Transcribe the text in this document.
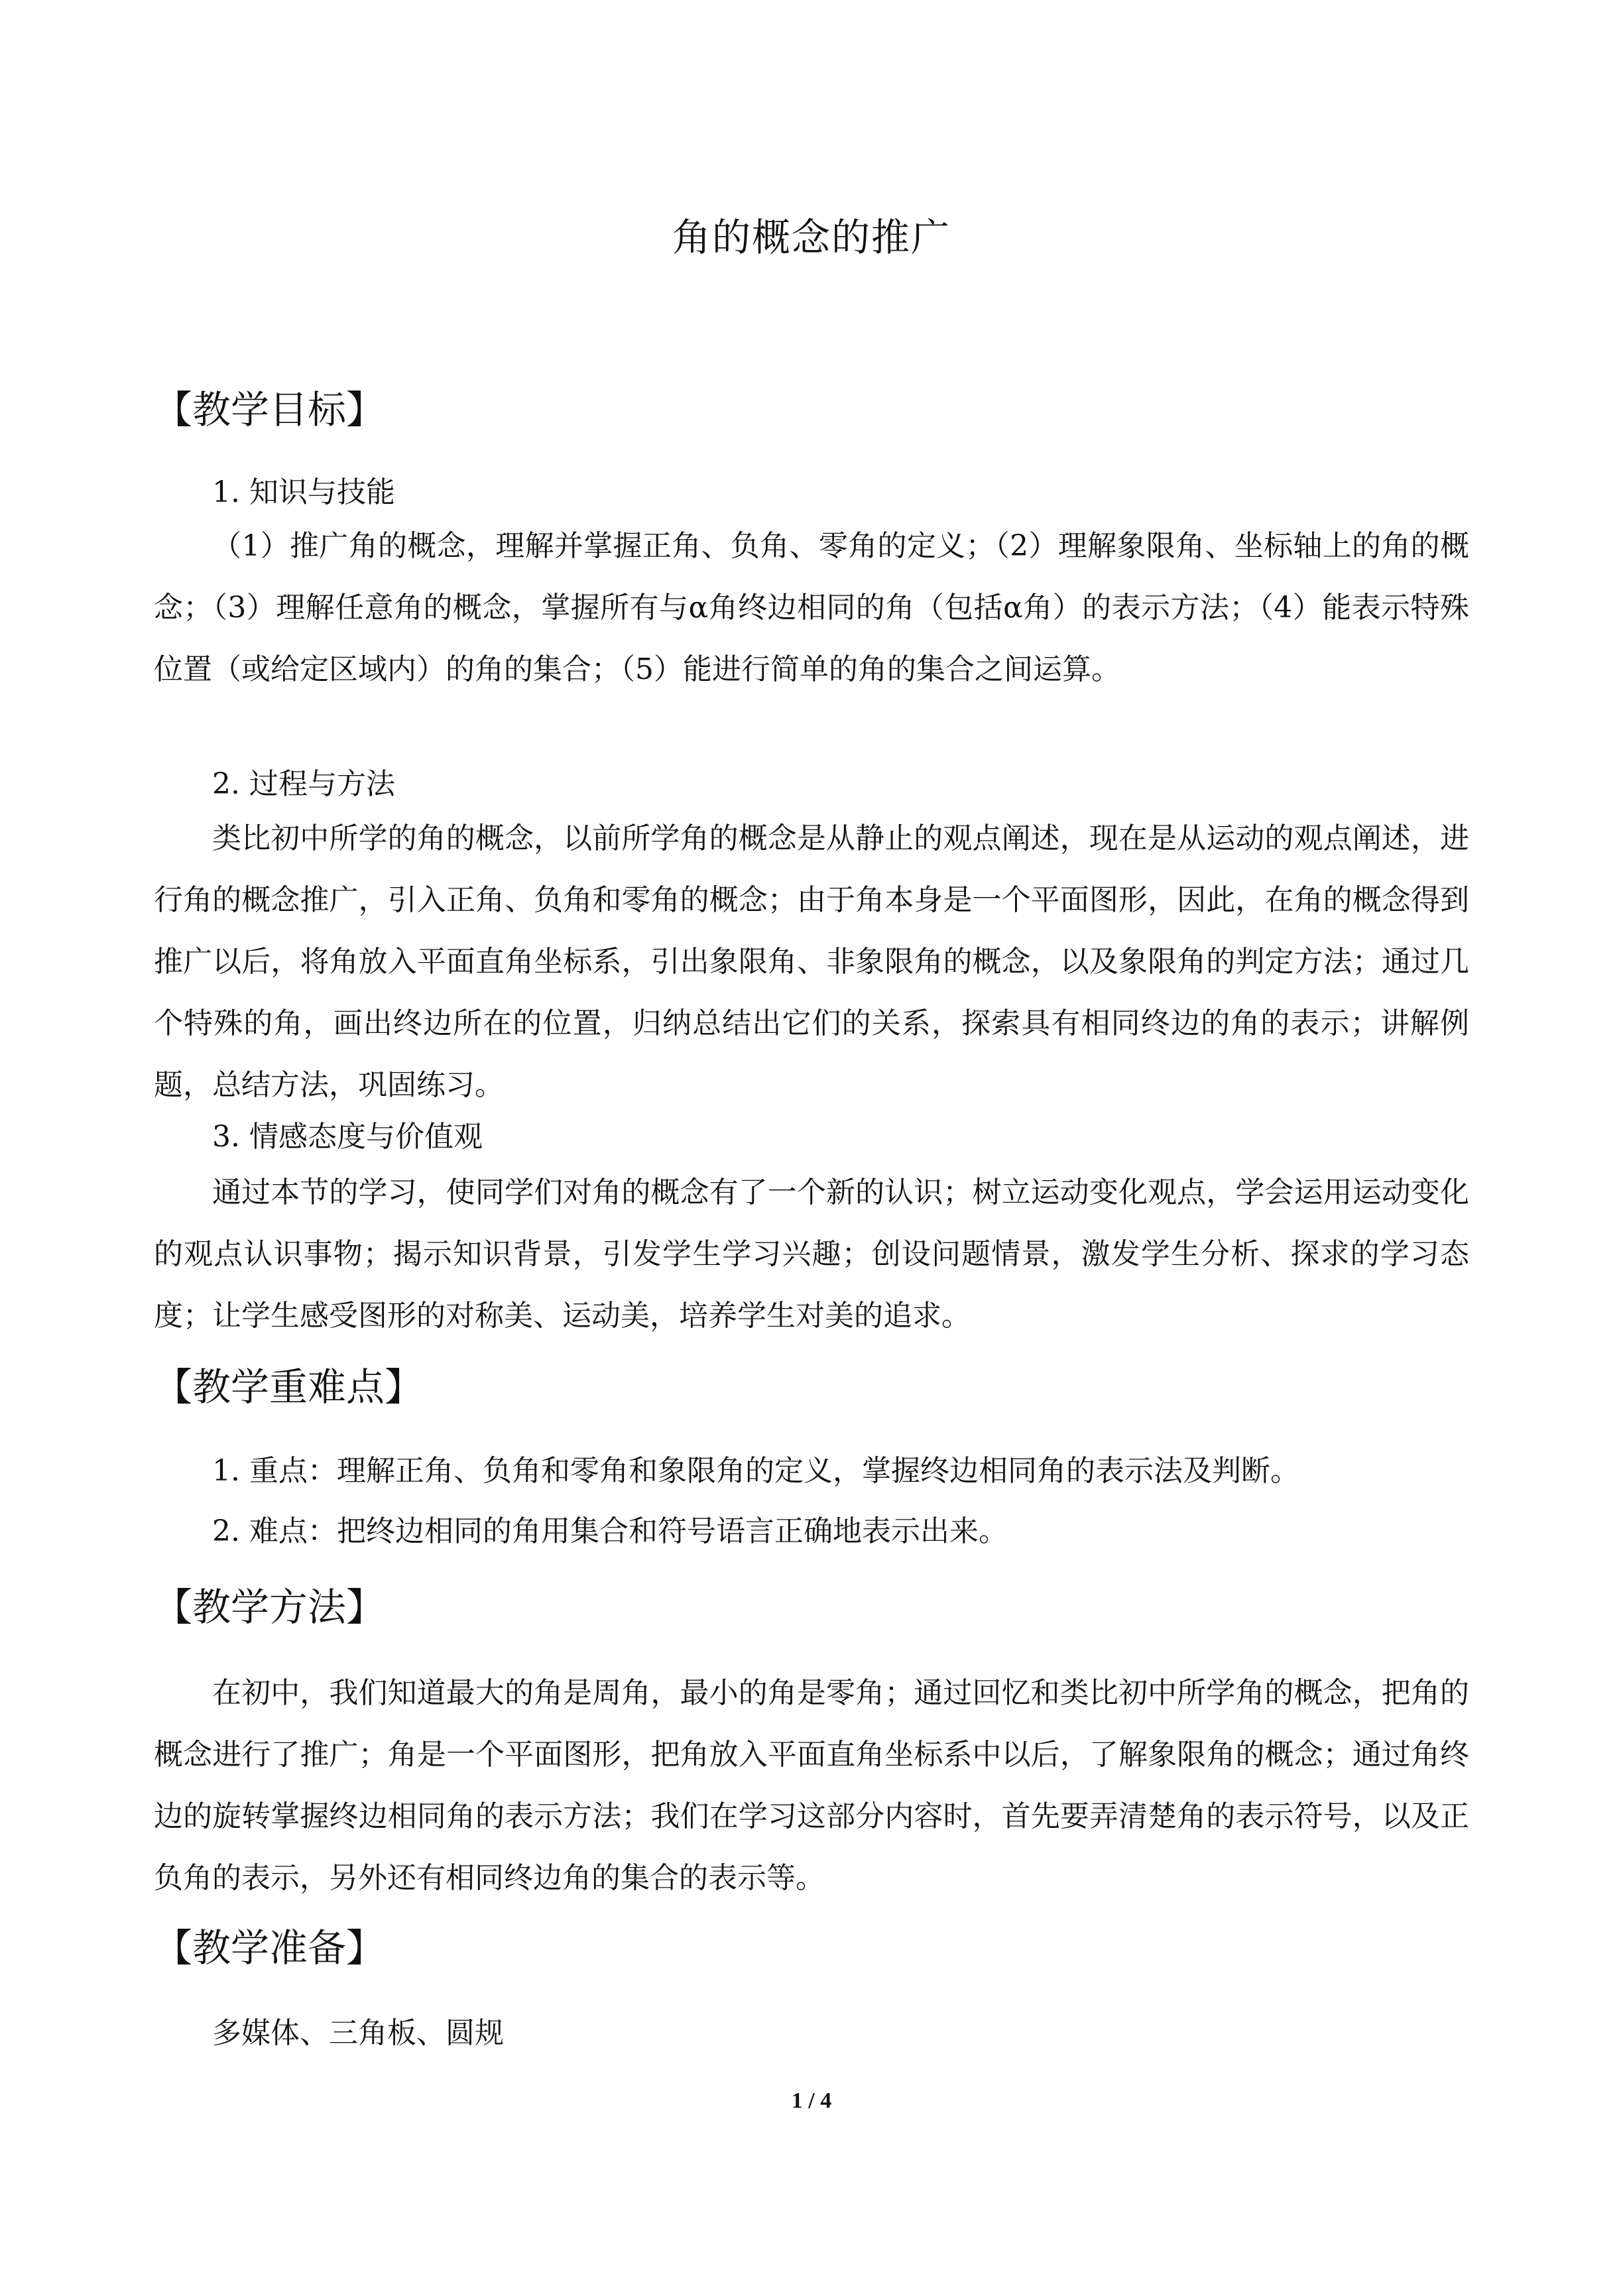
角的概念的推广
【教学目标】
1. 知识与技能
（1）推广角的概念，理解并掌握正角、负角、零角的定义；（2）理解象限角、坐标轴上的角的概念；（3）理解任意角的概念，掌握所有与α角终边相同的角（包括α角）的表示方法；（4）能表示特殊位置（或给定区域内）的角的集合；（5）能进行简单的角的集合之间运算。
2. 过程与方法
类比初中所学的角的概念，以前所学角的概念是从静止的观点阐述，现在是从运动的观点阐述，进行角的概念推广，引入正角、负角和零角的概念；由于角本身是一个平面图形，因此，在角的概念得到推广以后，将角放入平面直角坐标系，引出象限角、非象限角的概念，以及象限角的判定方法；通过几个特殊的角，画出终边所在的位置，归纳总结出它们的关系，探索具有相同终边的角的表示；讲解例题，总结方法，巩固练习。
3. 情感态度与价值观
通过本节的学习，使同学们对角的概念有了一个新的认识；树立运动变化观点，学会运用运动变化的观点认识事物；揭示知识背景，引发学生学习兴趣；创设问题情景，激发学生分析、探求的学习态度；让学生感受图形的对称美、运动美，培养学生对美的追求。
【教学重难点】
1. 重点：理解正角、负角和零角和象限角的定义，掌握终边相同角的表示法及判断。
2. 难点：把终边相同的角用集合和符号语言正确地表示出来。
【教学方法】
在初中，我们知道最大的角是周角，最小的角是零角；通过回忆和类比初中所学角的概念，把角的概念进行了推广；角是一个平面图形，把角放入平面直角坐标系中以后，了解象限角的概念；通过角终边的旋转掌握终边相同角的表示方法；我们在学习这部分内容时，首先要弄清楚角的表示符号，以及正负角的表示，另外还有相同终边角的集合的表示等。
【教学准备】
多媒体、三角板、圆规
1 / 4
